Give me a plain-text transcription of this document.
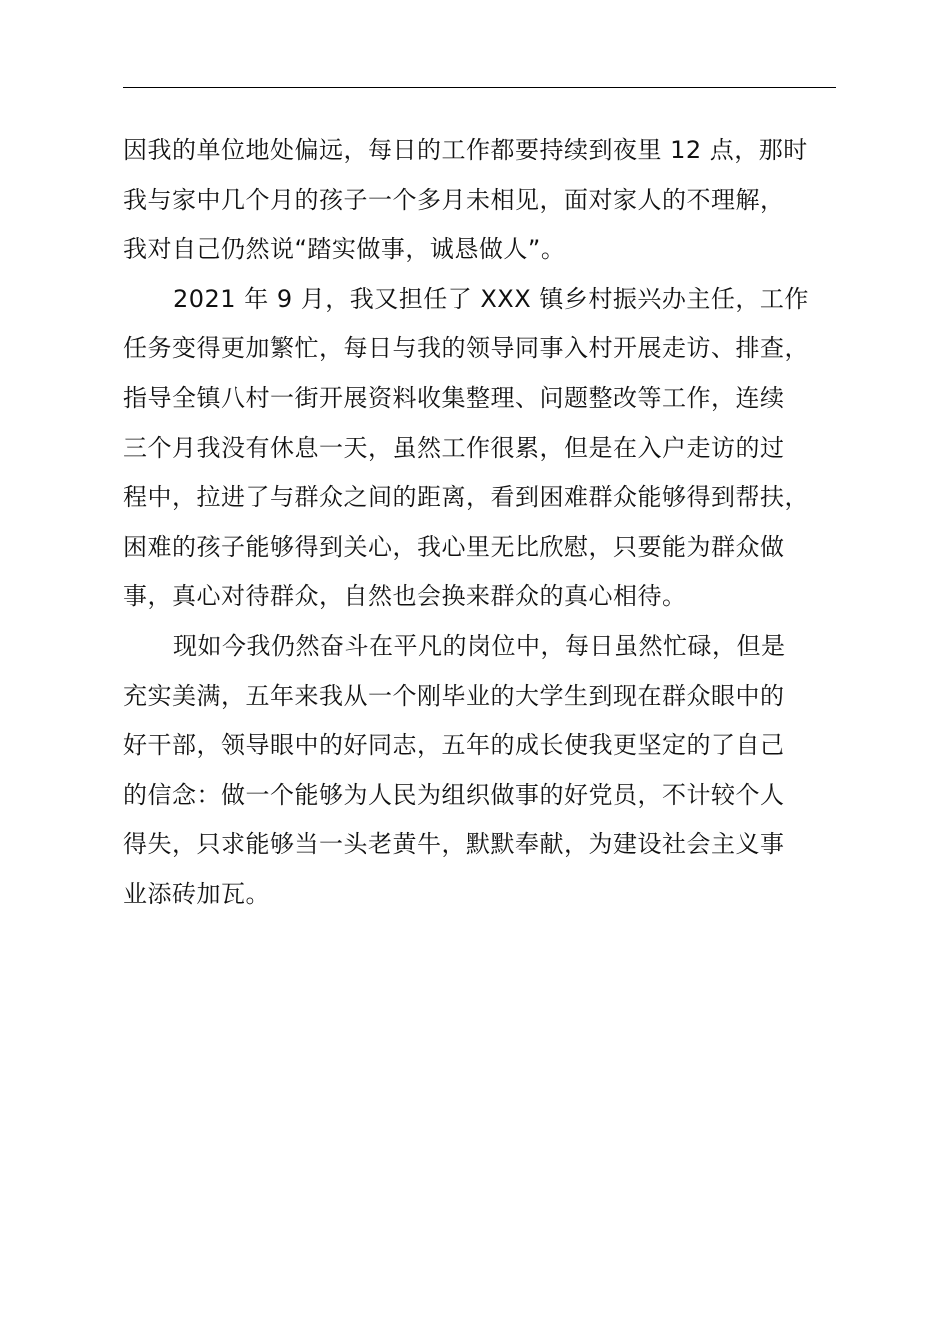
因我的单位地处偏远，每日的工作都要持续到夜里 12 点，那时
我与家中几个月的孩子一个多月未相见，面对家人的不理解，
我对自己仍然说“踏实做事，诚恳做人”。
2021 年 9 月，我又担任了 XXX 镇乡村振兴办主任，工作
任务变得更加繁忙，每日与我的领导同事入村开展走访、排查，
指导全镇八村一街开展资料收集整理、问题整改等工作，连续
三个月我没有休息一天，虽然工作很累，但是在入户走访的过
程中，拉进了与群众之间的距离，看到困难群众能够得到帮扶，
困难的孩子能够得到关心，我心里无比欣慰，只要能为群众做
事，真心对待群众，自然也会换来群众的真心相待。
现如今我仍然奋斗在平凡的岗位中，每日虽然忙碌，但是
充实美满，五年来我从一个刚毕业的大学生到现在群众眼中的
好干部，领导眼中的好同志，五年的成长使我更坚定的了自己
的信念：做一个能够为人民为组织做事的好党员，不计较个人
得失，只求能够当一头老黄牛，默默奉献，为建设社会主义事
业添砖加瓦。
